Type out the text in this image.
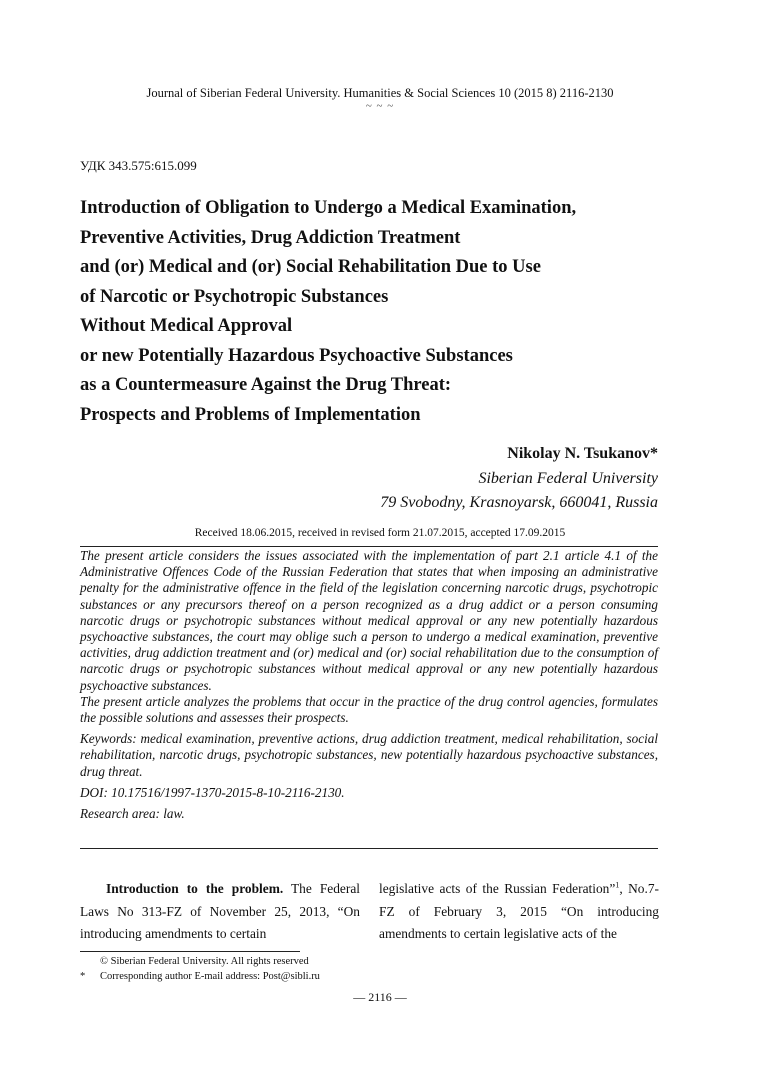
Journal of Siberian Federal University. Humanities & Social Sciences 10 (2015 8) 2116-2130
~ ~ ~
УДК 343.575:615.099
Introduction of Obligation to Undergo a Medical Examination,
Preventive Activities, Drug Addiction Treatment
and (or) Medical and (or) Social Rehabilitation Due to Use
of Narcotic or Psychotropic Substances
Without Medical Approval
or new Potentially Hazardous Psychoactive Substances
as a Countermeasure Against the Drug Threat:
Prospects and Problems of Implementation
Nikolay N. Tsukanov*
Siberian Federal University
79 Svobodny, Krasnoyarsk, 660041, Russia
Received 18.06.2015, received in revised form 21.07.2015, accepted 17.09.2015

The present article considers the issues associated with the implementation of part 2.1 article 4.1 of the Administrative Offences Code of the Russian Federation that states that when imposing an administrative penalty for the administrative offence in the field of the legislation concerning narcotic drugs, psychotropic substances or any precursors thereof on a person recognized as a drug addict or a person consuming narcotic drugs or psychotropic substances without medical approval or any new potentially hazardous psychoactive substances, the court may oblige such a person to undergo a medical examination, preventive activities, drug addiction treatment and (or) medical and (or) social rehabilitation due to the consumption of narcotic drugs or psychotropic substances without medical approval or any new potentially hazardous psychoactive substances.

The present article analyzes the problems that occur in the practice of the drug control agencies, formulates the possible solutions and assesses their prospects.

Keywords: medical examination, preventive actions, drug addiction treatment, medical rehabilitation, social rehabilitation, narcotic drugs, psychotropic substances, new potentially hazardous psychoactive substances, drug threat.

DOI: 10.17516/1997-1370-2015-8-10-2116-2130.

Research area: law.

Introduction to the problem. The Federal Laws No 313-FZ of November 25, 2013, “On introducing amendments to certain
legislative acts of the Russian Federation”$^1$, No.7-FZ of February 3, 2015 “On introducing amendments to certain legislative acts of the
© Siberian Federal University. All rights reserved
*	Corresponding author E-mail address: Post@sibli.ru
— 2116 —
